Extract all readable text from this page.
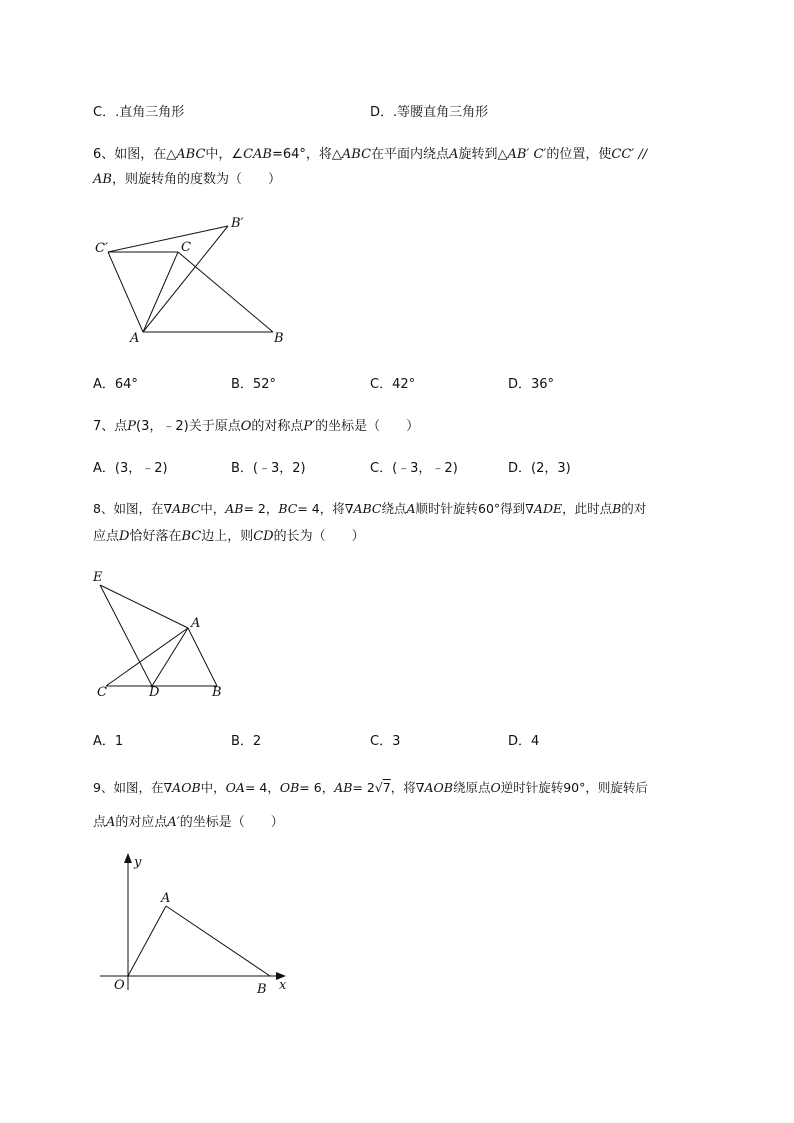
C．.直角三角形	D．.等腰直角三角形
6、如图，在△ABC中，∠CAB=64°，将△ABC在平面内绕点A旋转到△AB′ C′的位置，使CC′ //
AB，则旋转角的度数为（　　）
C′	C
B′
A	B
E
A
C	D	B
y
x
A
O	B
A．64°	B．52°	C．42°	D．36°
7、点P(3，﹣2)关于原点O的对称点P′的坐标是（　　）
A．(3，﹣2)	B．(﹣3，2)	C．(﹣3，﹣2)	D．(2，3)
8、如图，在∇ABC中，AB= 2，BC= 4，将∇ABC绕点A顺时针旋转60°得到∇ADE，此时点B的对
应点D恰好落在BC边上，则CD的长为（　　）
A．1	B．2	C．3	D．4
9、如图，在∇AOB中，OA= 4，OB= 6，AB= 2√7，将∇AOB绕原点O逆时针旋转90°，则旋转后
点A的对应点A′的坐标是（　　）
